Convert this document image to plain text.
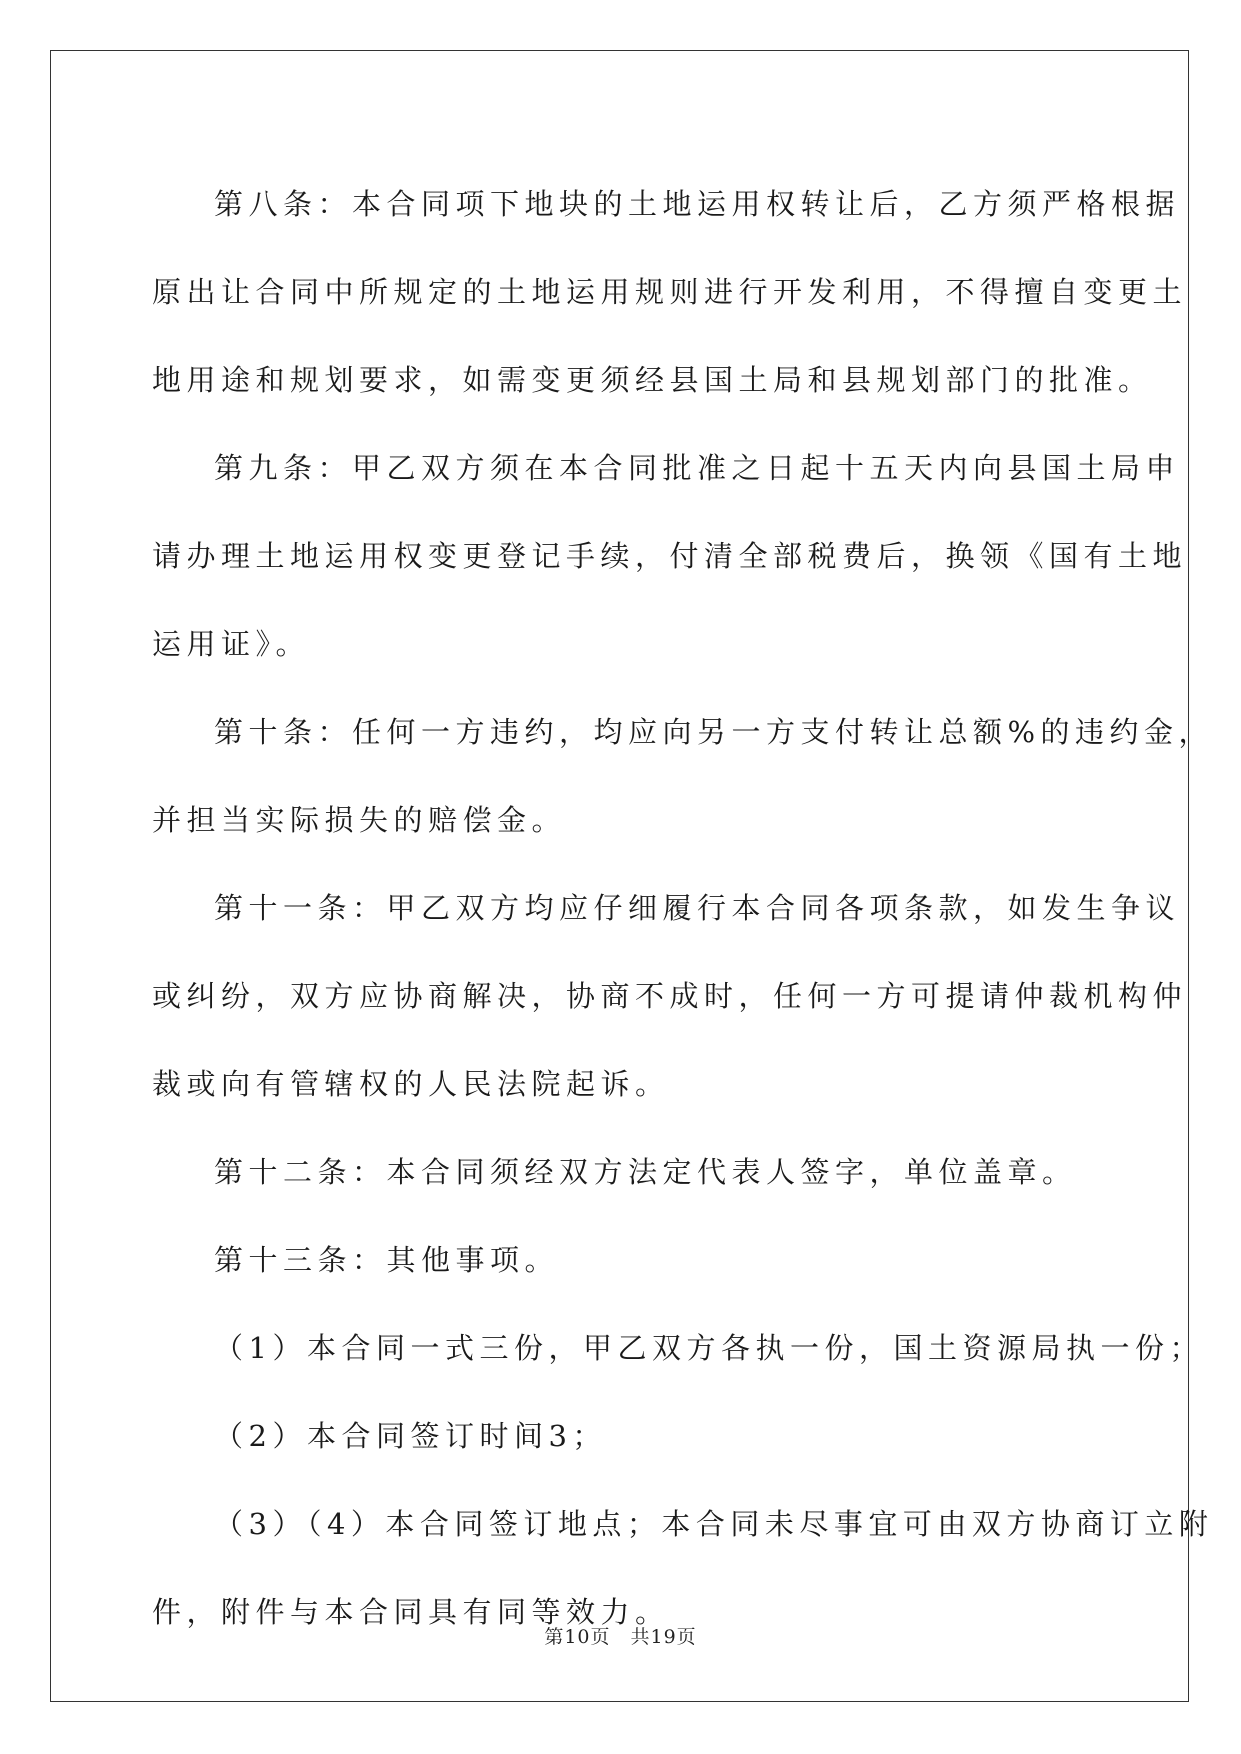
第八条：本合同项下地块的土地运用权转让后，乙方须严格根据
原出让合同中所规定的土地运用规则进行开发利用，不得擅自变更土
地用途和规划要求，如需变更须经县国土局和县规划部门的批准。

第九条：甲乙双方须在本合同批准之日起十五天内向县国土局申
请办理土地运用权变更登记手续，付清全部税费后，换领《国有土地
运用证》。

第十条：任何一方违约，均应向另一方支付转让总额%的违约金，
并担当实际损失的赔偿金。

第十一条：甲乙双方均应仔细履行本合同各项条款，如发生争议
或纠纷，双方应协商解决，协商不成时，任何一方可提请仲裁机构仲
裁或向有管辖权的人民法院起诉。

第十二条：本合同须经双方法定代表人签字，单位盖章。

第十三条：其他事项。

（1）本合同一式三份，甲乙双方各执一份，国土资源局执一份；

（2）本合同签订时间3；

（3）（4）本合同签订地点；本合同未尽事宜可由双方协商订立附
件，附件与本合同具有同等效力。

第10页　共19页
